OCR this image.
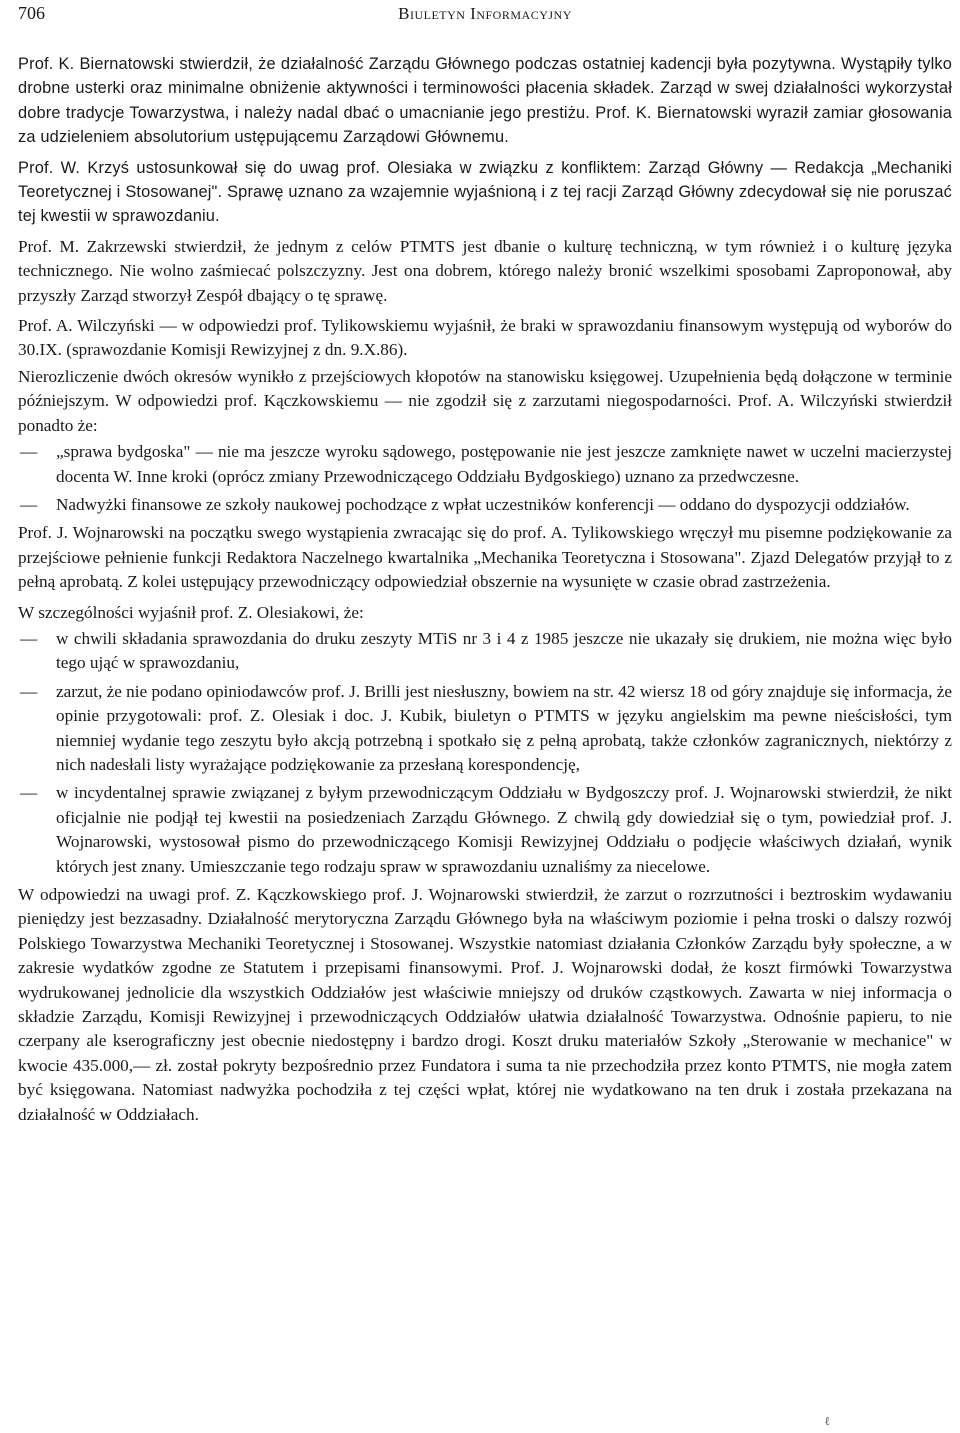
706	Biuletyn Informacyjny

Prof. K. Biernatowski stwierdził, że działalność Zarządu Głównego podczas ostatniej kadencji była pozytywna. Wystąpiły tylko drobne usterki oraz minimalne obniżenie aktywności i terminowości płacenia składek. Zarząd w swej działalności wykorzystał dobre tradycje Towarzystwa, i należy nadal dbać o umacnianie jego prestiżu. Prof. K. Biernatowski wyraził zamiar głosowania za udzieleniem absolutorium ustępującemu Zarządowi Głównemu.

Prof. W. Krzyś ustosunkował się do uwag prof. Olesiaka w związku z konfliktem: Zarząd Główny — Redakcja „Mechaniki Teoretycznej i Stosowanej". Sprawę uznano za wzajemnie wyjaśnioną i z tej racji Zarząd Główny zdecydował się nie poruszać tej kwestii w sprawozdaniu.

Prof. M. Zakrzewski stwierdził, że jednym z celów PTMTS jest dbanie o kulturę techniczną, w tym również i o kulturę języka technicznego. Nie wolno zaśmiecać polszczyzny. Jest ona dobrem, którego należy bronić wszelkimi sposobami Zaproponował, aby przyszły Zarząd stworzył Zespół dbający o tę sprawę.

Prof. A. Wilczyński — w odpowiedzi prof. Tylikowskiemu wyjaśnił, że braki w sprawozdaniu finansowym występują od wyborów do 30.IX. (sprawozdanie Komisji Rewizyjnej z dn. 9.X.86).

Nierozliczenie dwóch okresów wynikło z przejściowych kłopotów na stanowisku księgowej. Uzupełnienia będą dołączone w terminie późniejszym. W odpowiedzi prof. Kączkowskiemu — nie zgodził się z zarzutami niegospodarności. Prof. A. Wilczyński stwierdził ponadto że:

— „sprawa bydgoska" — nie ma jeszcze wyroku sądowego, postępowanie nie jest jeszcze zamknięte nawet w uczelni macierzystej docenta W. Inne kroki (oprócz zmiany Przewodniczącego Oddziału Bydgoskiego) uznano za przedwczesne.
— Nadwyżki finansowe ze szkoły naukowej pochodzące z wpłat uczestników konferencji — oddano do dyspozycji oddziałów.

Prof. J. Wojnarowski na początku swego wystąpienia zwracając się do prof. A. Tylikowskiego wręczył mu pisemne podziękowanie za przejściowe pełnienie funkcji Redaktora Naczelnego kwartalnika „Mechanika Teoretyczna i Stosowana". Zjazd Delegatów przyjął to z pełną aprobatą. Z kolei ustępujący przewodniczący odpowiedział obszernie na wysunięte w czasie obrad zastrzeżenia.

W szczególności wyjaśnił prof. Z. Olesiakowi, że:

— w chwili składania sprawozdania do druku zeszyty MTiS nr 3 i 4 z 1985 jeszcze nie ukazały się drukiem, nie można więc było tego ująć w sprawozdaniu,
— zarzut, że nie podano opiniodawców prof. J. Brilli jest niesłuszny, bowiem na str. 42 wiersz 18 od góry znajduje się informacja, że opinie przygotowali: prof. Z. Olesiak i doc. J. Kubik, biuletyn o PTMTS w języku angielskim ma pewne nieścisłości, tym niemniej wydanie tego zeszytu było akcją potrzebną i spotkało się z pełną aprobatą, także członków zagranicznych, niektórzy z nich nadesłali listy wyrażające podziękowanie za przesłaną korespondencję,
— w incydentalnej sprawie związanej z byłym przewodniczącym Oddziału w Bydgoszczy prof. J. Wojnarowski stwierdził, że nikt oficjalnie nie podjął tej kwestii na posiedzeniach Zarządu Głównego. Z chwilą gdy dowiedział się o tym, powiedział prof. J. Wojnarowski, wystosował pismo do przewodniczącego Komisji Rewizyjnej Oddziału o podjęcie właściwych działań, wynik których jest znany. Umieszczanie tego rodzaju spraw w sprawozdaniu uznaliśmy za niecelowe.

W odpowiedzi na uwagi prof. Z. Kączkowskiego prof. J. Wojnarowski stwierdził, że zarzut o rozrzutności i beztroskim wydawaniu pieniędzy jest bezzasadny. Działalność merytoryczna Zarządu Głównego była na właściwym poziomie i pełna troski o dalszy rozwój Polskiego Towarzystwa Mechaniki Teoretycznej i Stosowanej. Wszystkie natomiast działania Członków Zarządu były społeczne, a w zakresie wydatków zgodne ze Statutem i przepisami finansowymi. Prof. J. Wojnarowski dodał, że koszt firmówki Towarzystwa wydrukowanej jednolicie dla wszystkich Oddziałów jest właściwie mniejszy od druków cząstkowych. Zawarta w niej informacja o składzie Zarządu, Komisji Rewizyjnej i przewodniczących Oddziałów ułatwia działalność Towarzystwa. Odnośnie papieru, to nie czerpany ale kserograficzny jest obecnie niedostępny i bardzo drogi. Koszt druku materiałów Szkoły „Sterowanie w mechanice" w kwocie 435.000,— zł. został pokryty bezpośrednio przez Fundatora i suma ta nie przechodziła przez konto PTMTS, nie mogła zatem być księgowana. Natomiast nadwyżka pochodziła z tej części wpłat, której nie wydatkowano na ten druk i została przekazana na działalność w Oddziałach.

ℓ
